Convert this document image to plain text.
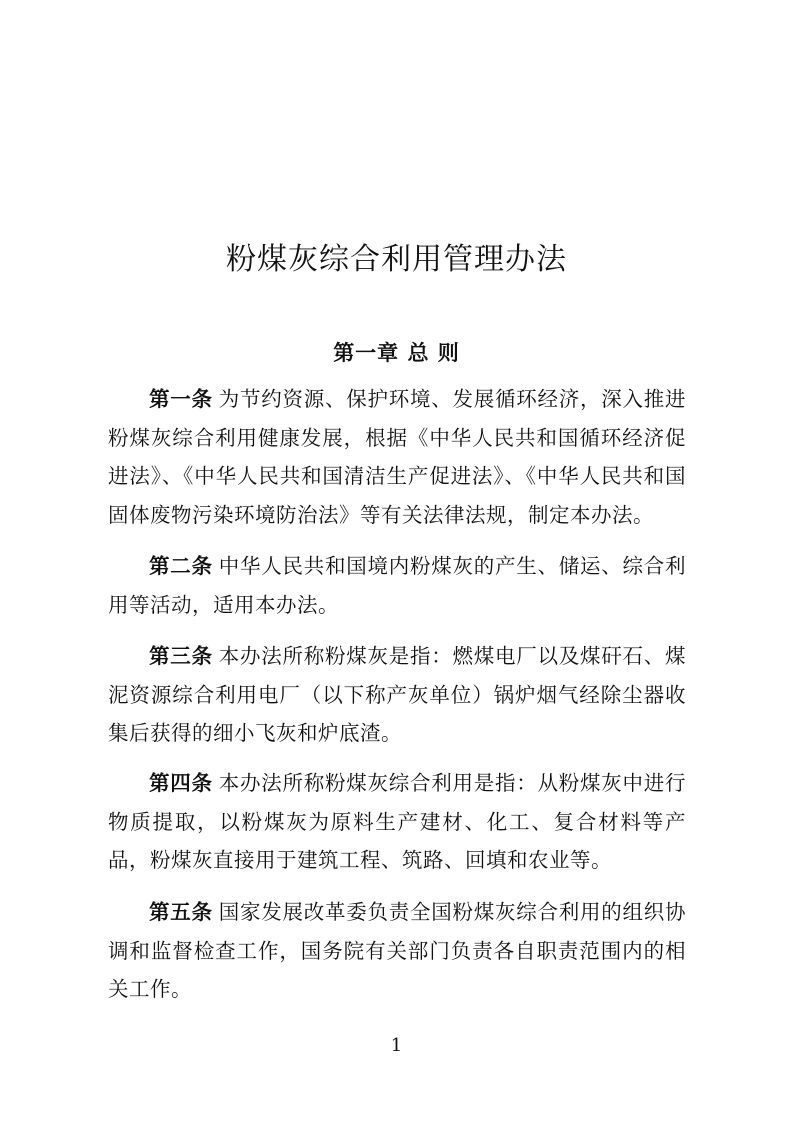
粉煤灰综合利用管理办法
第一章 总 则

第一条 为节约资源、保护环境、发展循环经济，深入推进粉煤灰综合利用健康发展，根据《中华人民共和国循环经济促进法》、《中华人民共和国清洁生产促进法》、《中华人民共和国固体废物污染环境防治法》等有关法律法规，制定本办法。

第二条 中华人民共和国境内粉煤灰的产生、储运、综合利用等活动，适用本办法。

第三条 本办法所称粉煤灰是指：燃煤电厂以及煤矸石、煤泥资源综合利用电厂（以下称产灰单位）锅炉烟气经除尘器收集后获得的细小飞灰和炉底渣。

第四条 本办法所称粉煤灰综合利用是指：从粉煤灰中进行物质提取，以粉煤灰为原料生产建材、化工、复合材料等产品，粉煤灰直接用于建筑工程、筑路、回填和农业等。

第五条 国家发展改革委负责全国粉煤灰综合利用的组织协调和监督检查工作，国务院有关部门负责各自职责范围内的相关工作。

1
